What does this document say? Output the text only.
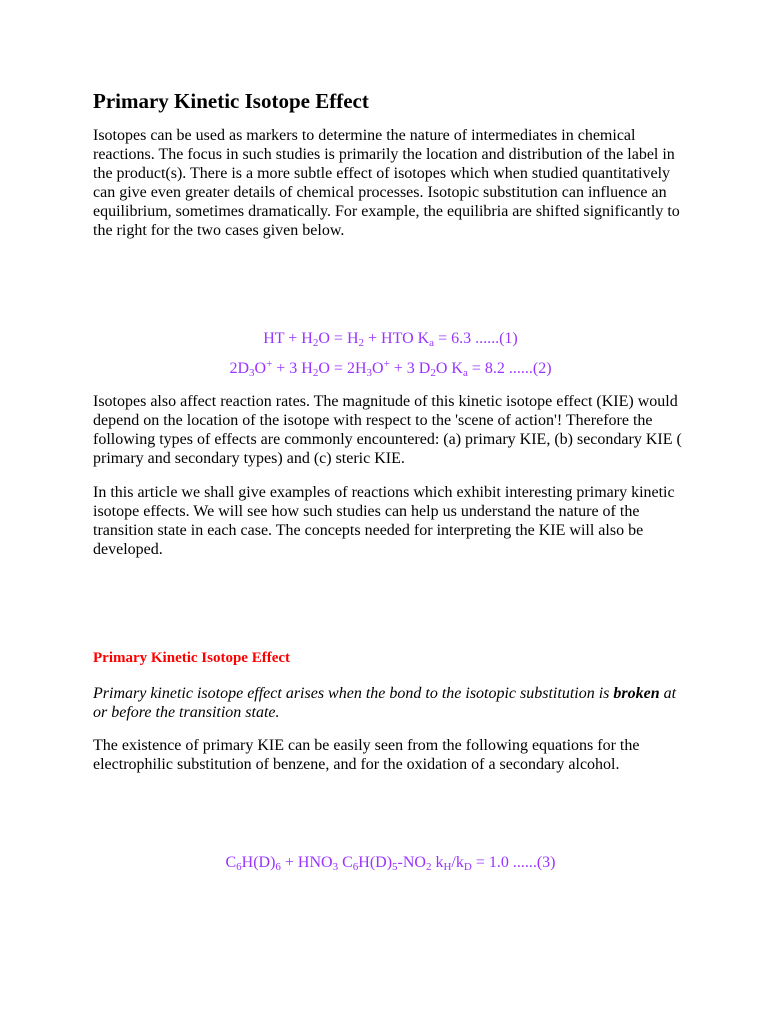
Primary Kinetic Isotope Effect

Isotopes can be used as markers to determine the nature of intermediates in chemical reactions. The focus in such studies is primarily the location and distribution of the label in the product(s). There is a more subtle effect of isotopes which when studied quantitatively can give even greater details of chemical processes. Isotopic substitution can influence an equilibrium, sometimes dramatically. For example, the equilibria are shifted significantly to the right for the two cases given below.

HT + $H_2O = H_2$ + HTO $K_a = 6.3$ ......(1)

$2D_3O^+ + 3$ $H_2O = 2H_3O^+ + 3$ $D_2O$ $K_a = 8.2$ ......(2)

Isotopes also affect reaction rates. The magnitude of this kinetic isotope effect (KIE) would depend on the location of the isotope with respect to the 'scene of action'! Therefore the following types of effects are commonly encountered: (a) primary KIE, (b) secondary KIE ( primary and secondary types) and (c) steric KIE.

In this article we shall give examples of reactions which exhibit interesting primary kinetic isotope effects. We will see how such studies can help us understand the nature of the transition state in each case. The concepts needed for interpreting the KIE will also be developed.

Primary Kinetic Isotope Effect

Primary kinetic isotope effect arises when the bond to the isotopic substitution is broken at or before the transition state.

The existence of primary KIE can be easily seen from the following equations for the electrophilic substitution of benzene, and for the oxidation of a secondary alcohol.

$C_6H(D)_6 + HNO_3$ $C_6H(D)_5-NO_2$ $k_H/k_D = 1.0$ ......(3)
